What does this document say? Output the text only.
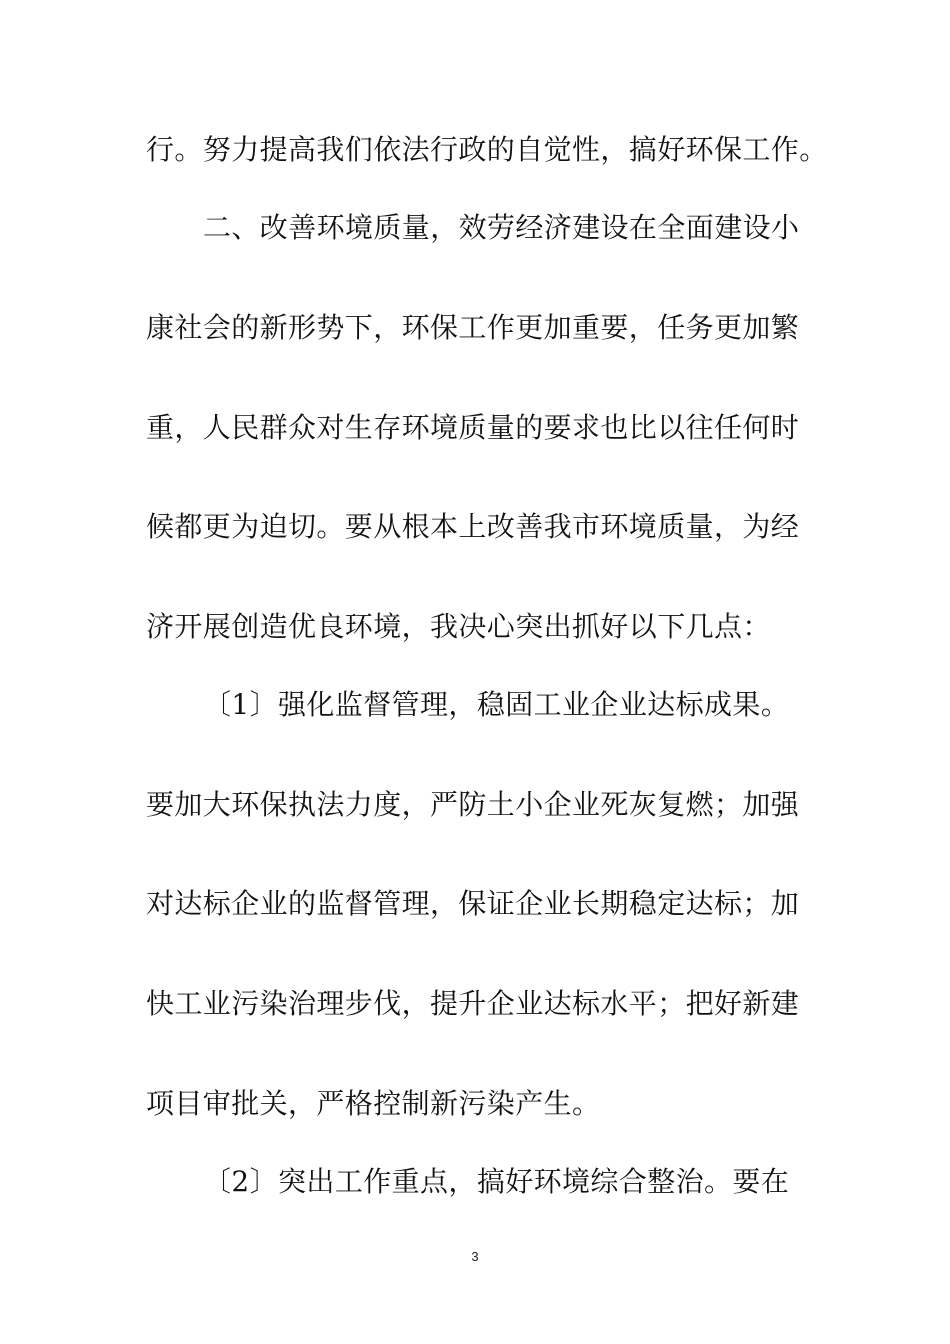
行。努力提高我们依法行政的自觉性，搞好环保工作。
二、改善环境质量，效劳经济建设在全面建设小
康社会的新形势下，环保工作更加重要，任务更加繁
重，人民群众对生存环境质量的要求也比以往任何时
候都更为迫切。要从根本上改善我市环境质量，为经
济开展创造优良环境，我决心突出抓好以下几点：
〔1〕强化监督管理，稳固工业企业达标成果。
要加大环保执法力度，严防土小企业死灰复燃；加强
对达标企业的监督管理，保证企业长期稳定达标；加
快工业污染治理步伐，提升企业达标水平；把好新建
项目审批关，严格控制新污染产生。
〔2〕突出工作重点，搞好环境综合整治。要在
3
